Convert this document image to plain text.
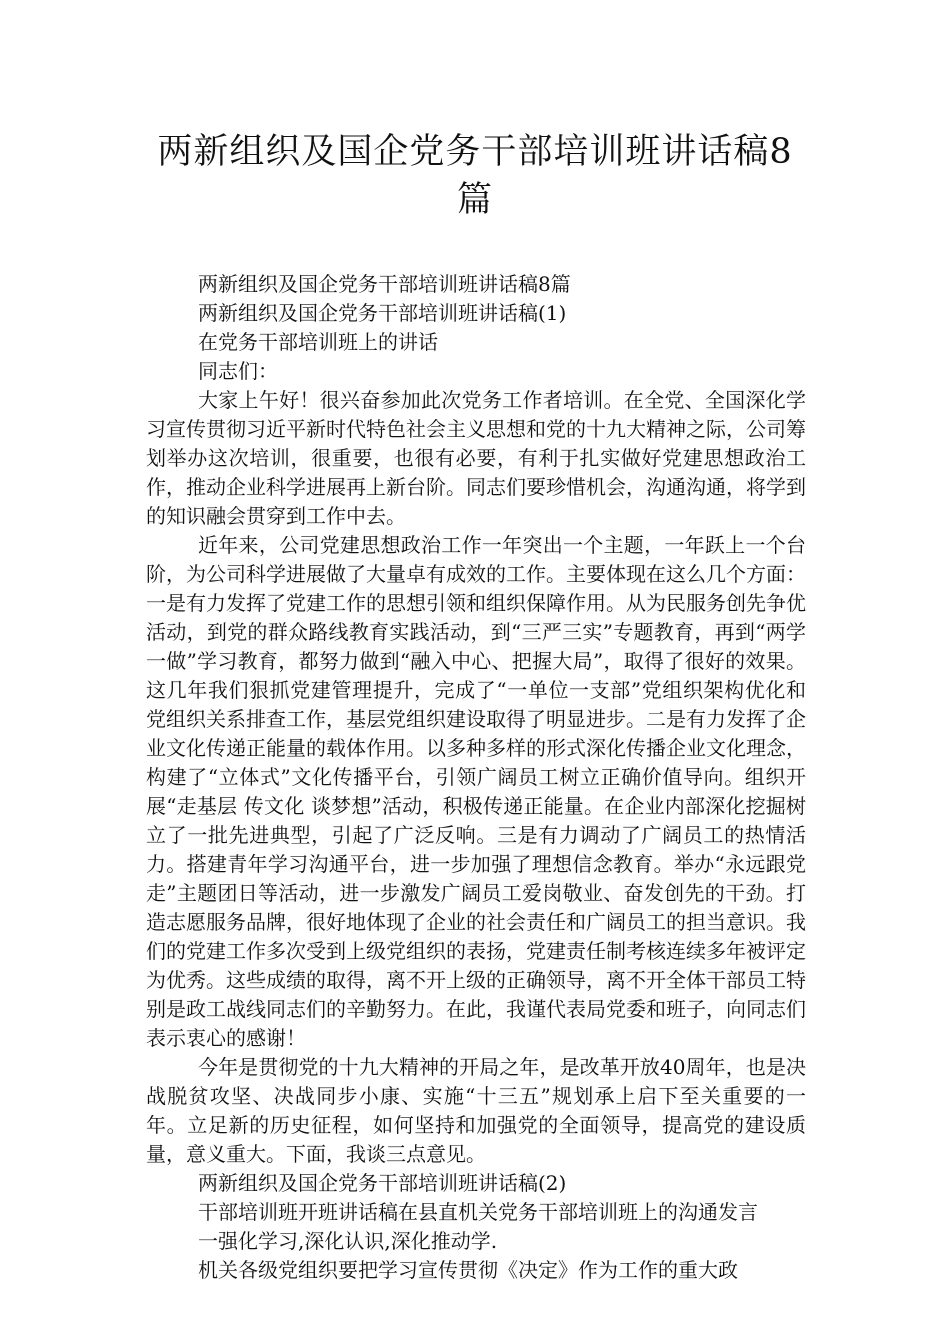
两新组织及国企党务干部培训班讲话稿8篇

两新组织及国企党务干部培训班讲话稿8篇

两新组织及国企党务干部培训班讲话稿(1)

在党务干部培训班上的讲话

同志们：

大家上午好！很兴奋参加此次党务工作者培训。在全党、全国深化学习宣传贯彻习近平新时代特色社会主义思想和党的十九大精神之际，公司筹划举办这次培训，很重要，也很有必要，有利于扎实做好党建思想政治工作，推动企业科学进展再上新台阶。同志们要珍惜机会，沟通沟通，将学到的知识融会贯穿到工作中去。

近年来，公司党建思想政治工作一年突出一个主题，一年跃上一个台阶，为公司科学进展做了大量卓有成效的工作。主要体现在这么几个方面：一是有力发挥了党建工作的思想引领和组织保障作用。从为民服务创先争优活动，到党的群众路线教育实践活动，到“三严三实”专题教育，再到“两学一做”学习教育，都努力做到“融入中心、把握大局”，取得了很好的效果。这几年我们狠抓党建管理提升，完成了“一单位一支部”党组织架构优化和党组织关系排查工作，基层党组织建设取得了明显进步。二是有力发挥了企业文化传递正能量的载体作用。以多种多样的形式深化传播企业文化理念，构建了“立体式”文化传播平台，引领广阔员工树立正确价值导向。组织开展“走基层 传文化 谈梦想”活动，积极传递正能量。在企业内部深化挖掘树立了一批先进典型，引起了广泛反响。三是有力调动了广阔员工的热情活力。搭建青年学习沟通平台，进一步加强了理想信念教育。举办“永远跟党走”主题团日等活动，进一步激发广阔员工爱岗敬业、奋发创先的干劲。打造志愿服务品牌，很好地体现了企业的社会责任和广阔员工的担当意识。我们的党建工作多次受到上级党组织的表扬，党建责任制考核连续多年被评定为优秀。这些成绩的取得，离不开上级的正确领导，离不开全体干部员工特别是政工战线同志们的辛勤努力。在此，我谨代表局党委和班子，向同志们表示衷心的感谢！

今年是贯彻党的十九大精神的开局之年，是改革开放40周年，也是决战脱贫攻坚、决战同步小康、实施“十三五”规划承上启下至关重要的一年。立足新的历史征程，如何坚持和加强党的全面领导，提高党的建设质量，意义重大。下面，我谈三点意见。

两新组织及国企党务干部培训班讲话稿(2)

干部培训班开班讲话稿在县直机关党务干部培训班上的沟通发言

一强化学习,深化认识,深化推动学.

机关各级党组织要把学习宣传贯彻《决定》作为工作的重大政
